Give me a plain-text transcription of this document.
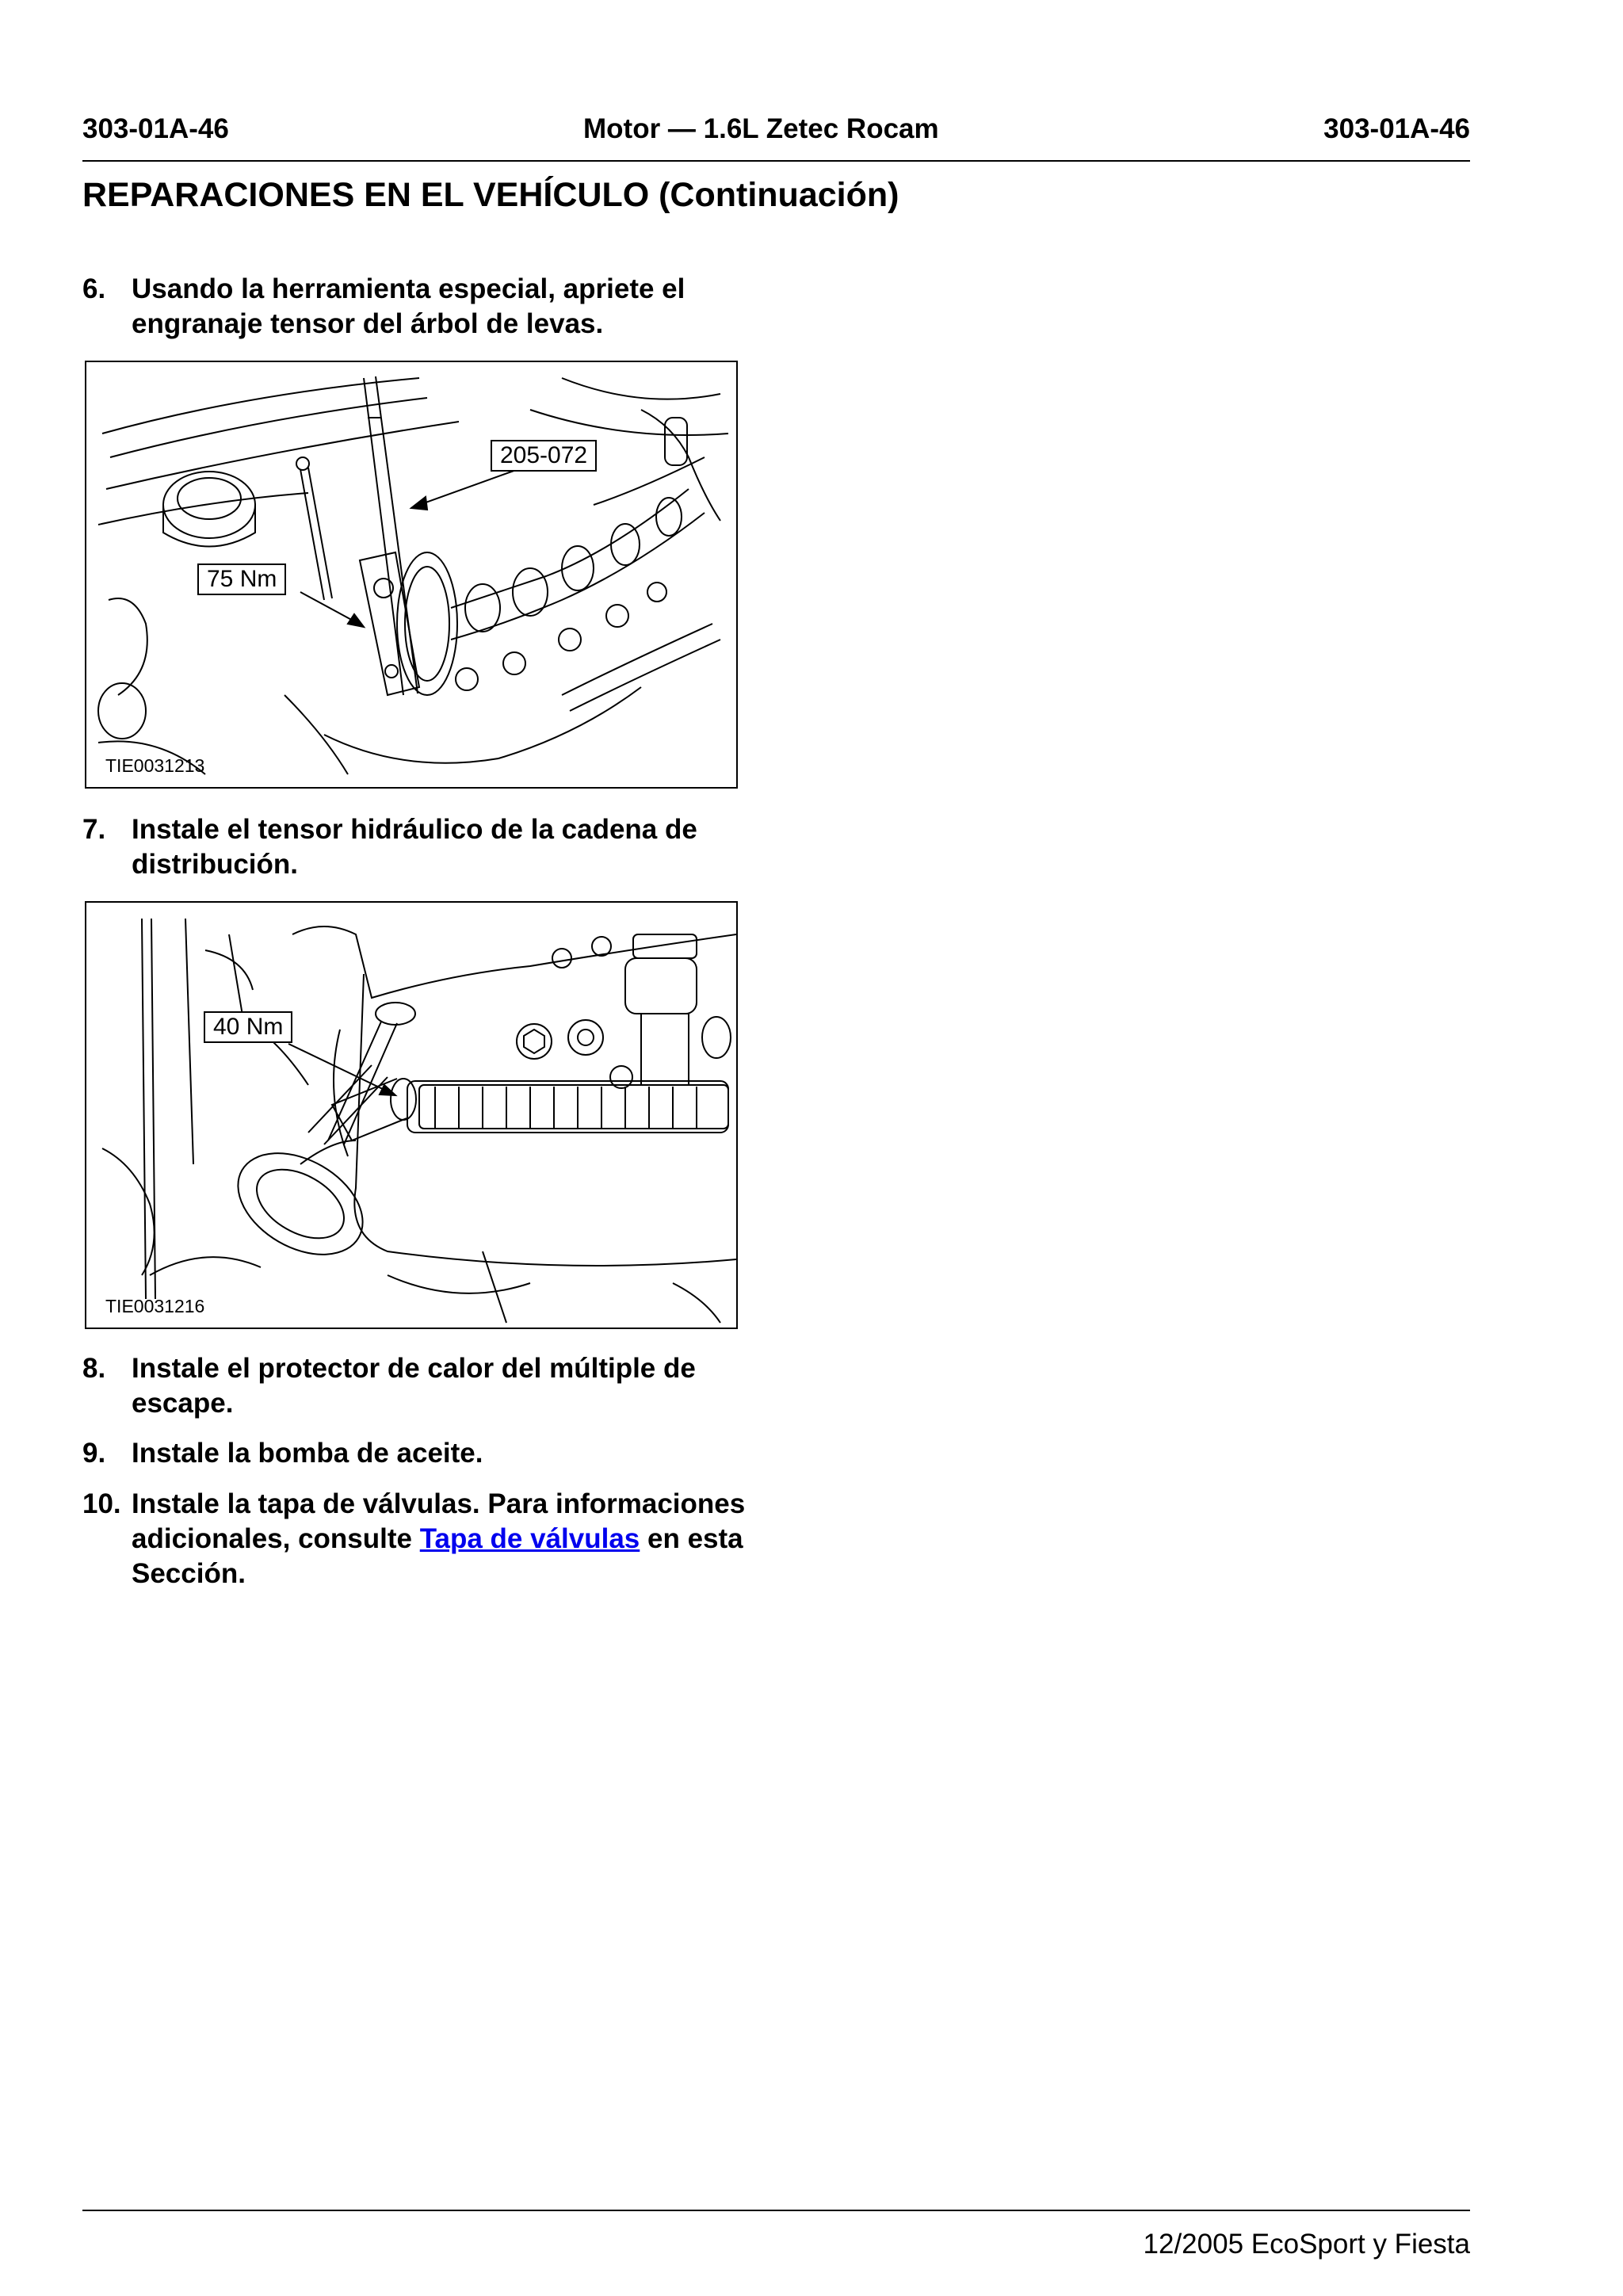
303-01A-46	Motor — 1.6L Zetec Rocam	303-01A-46
REPARACIONES EN EL VEHÍCULO (Continuación)
6. Usando la herramienta especial, apriete el engranaje tensor del árbol de levas.
205-072
75 Nm
TIE0031213
7. Instale el tensor hidráulico de la cadena de distribución.
40 Nm
TIE0031216
8. Instale el protector de calor del múltiple de escape.
9. Instale la bomba de aceite.
10. Instale la tapa de válvulas. Para informaciones adicionales, consulte Tapa de válvulas en esta Sección.
12/2005 EcoSport y Fiesta
